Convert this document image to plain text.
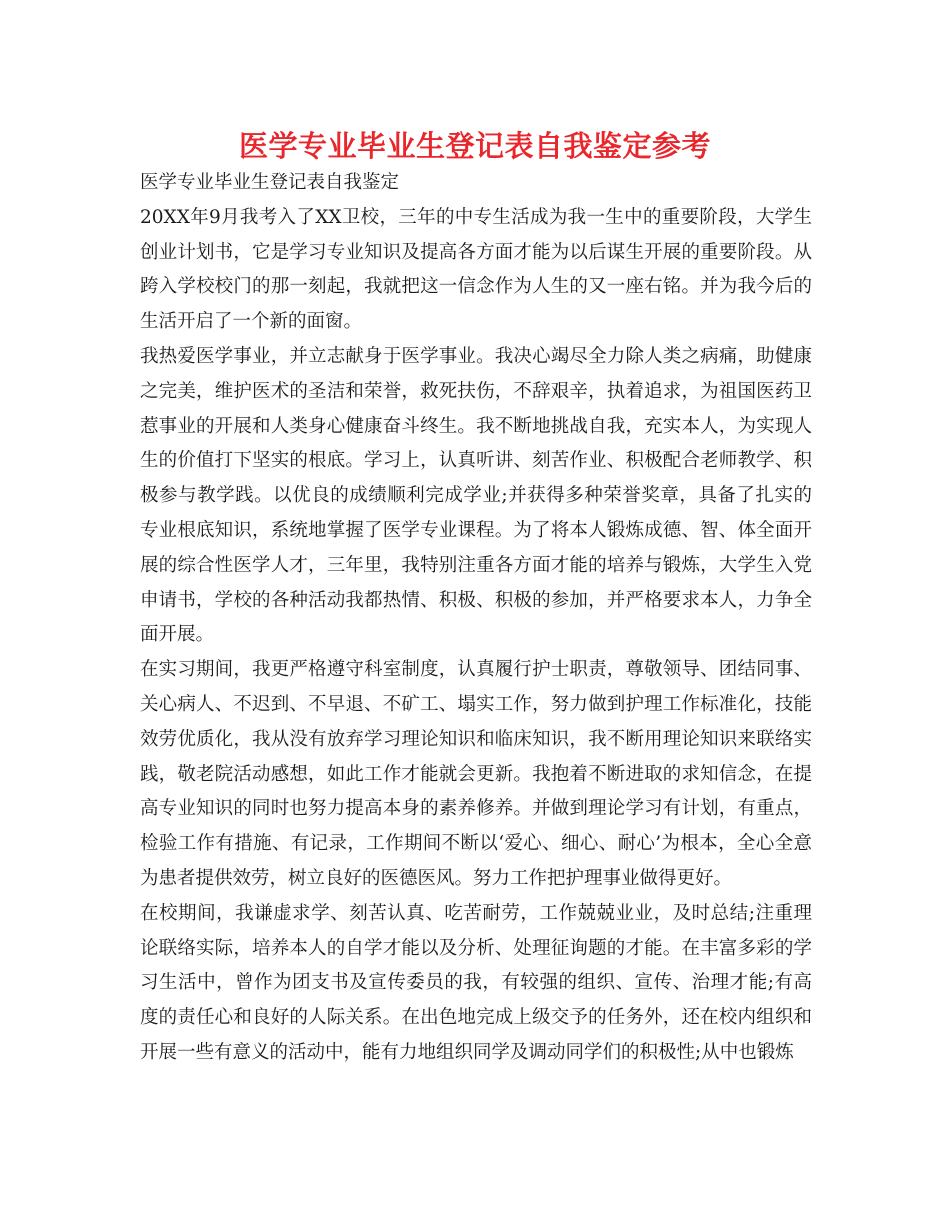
医学专业毕业生登记表自我鉴定参考

医学专业毕业生登记表自我鉴定

20XX年9月我考入了XX卫校，三年的中专生活成为我一生中的重要阶段，大学生创业计划书，它是学习专业知识及提高各方面才能为以后谋生开展的重要阶段。从跨入学校校门的那一刻起，我就把这一信念作为人生的又一座右铭。并为我今后的生活开启了一个新的面窗。

我热爱医学事业，并立志献身于医学事业。我决心竭尽全力除人类之病痛，助健康之完美，维护医术的圣洁和荣誉，救死扶伤，不辞艰辛，执着追求，为祖国医药卫惹事业的开展和人类身心健康奋斗终生。我不断地挑战自我，充实本人，为实现人生的价值打下坚实的根底。学习上，认真听讲、刻苦作业、积极配合老师教学、积极参与教学践。以优良的成绩顺利完成学业;并获得多种荣誉奖章，具备了扎实的专业根底知识，系统地掌握了医学专业课程。为了将本人锻炼成德、智、体全面开展的综合性医学人才，三年里，我特别注重各方面才能的培养与锻炼，大学生入党申请书，学校的各种活动我都热情、积极、积极的参加，并严格要求本人，力争全面开展。

在实习期间，我更严格遵守科室制度，认真履行护士职责，尊敬领导、团结同事、关心病人、不迟到、不早退、不矿工、塌实工作，努力做到护理工作标准化，技能效劳优质化，我从没有放弃学习理论知识和临床知识，我不断用理论知识来联络实践，敬老院活动感想，如此工作才能就会更新。我抱着不断进取的求知信念，在提高专业知识的同时也努力提高本身的素养修养。并做到理论学习有计划，有重点，检验工作有措施、有记录，工作期间不断以‘爱心、细心、耐心’为根本，全心全意为患者提供效劳，树立良好的医德医风。努力工作把护理事业做得更好。

在校期间，我谦虚求学、刻苦认真、吃苦耐劳，工作兢兢业业，及时总结;注重理论联络实际，培养本人的自学才能以及分析、处理征询题的才能。在丰富多彩的学习生活中，曾作为团支书及宣传委员的我，有较强的组织、宣传、治理才能;有高度的责任心和良好的人际关系。在出色地完成上级交予的任务外，还在校内组织和开展一些有意义的活动中，能有力地组织同学及调动同学们的积极性;从中也锻炼
